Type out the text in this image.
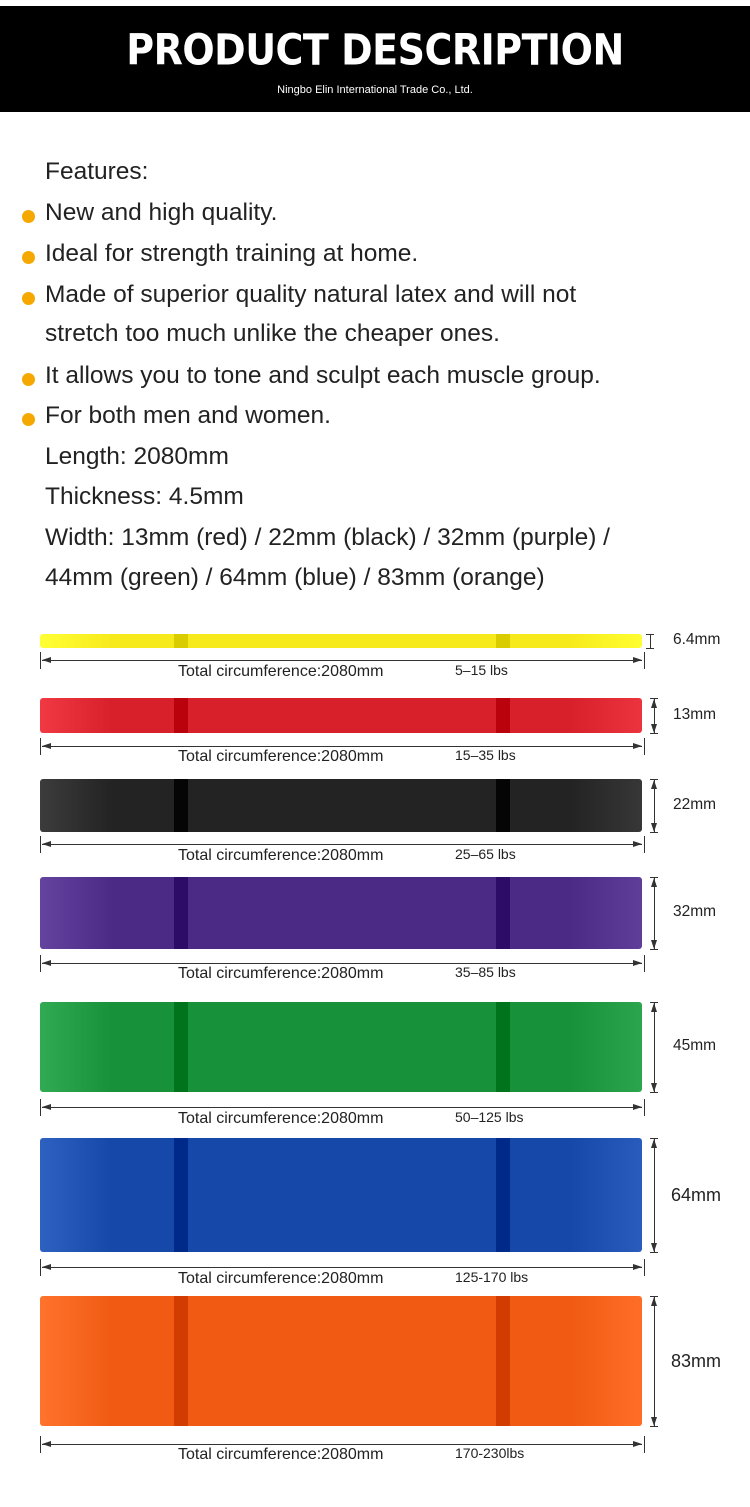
PRODUCT DESCRIPTION
Ningbo Elin International Trade Co., Ltd.
Features:
New and high quality.
Ideal for strength training at home.
Made of superior quality natural latex and will not
stretch too much unlike the cheaper ones.
It allows you to tone and sculpt each muscle group.
For both men and women.
Length: 2080mm
Thickness: 4.5mm
Width: 13mm (red) / 22mm (black) / 32mm (purple) /
44mm (green) / 64mm (blue) / 83mm (orange)
6.4mm
Total circumference:2080mm	5–15 lbs
13mm
Total circumference:2080mm	15–35 lbs
22mm
Total circumference:2080mm	25–65 lbs
32mm
Total circumference:2080mm	35–85 lbs
45mm
Total circumference:2080mm	50–125 lbs
64mm
Total circumference:2080mm	125-170 lbs
83mm
Total circumference:2080mm	170-230lbs
